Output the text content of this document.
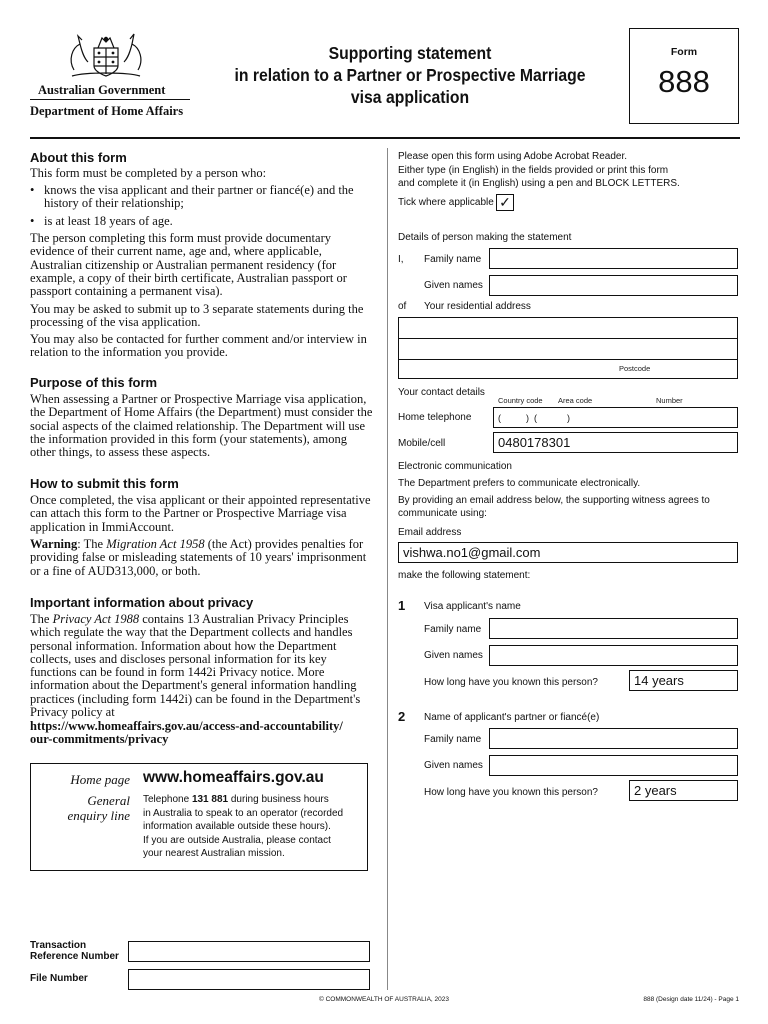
Australian Government
Department of Home Affairs
Supporting statement
in relation to a Partner or Prospective Marriage
visa application
Form
888
About this form
This form must be completed by a person who:
• knows the visa applicant and their partner or fiancé(e) and the history of their relationship;
• is at least 18 years of age.
The person completing this form must provide documentary evidence of their current name, age and, where applicable, Australian citizenship or Australian permanent residency (for example, a copy of their birth certificate, Australian passport or passport containing a permanent visa).
You may be asked to submit up to 3 separate statements during the processing of the visa application.
You may also be contacted for further comment and/or interview in relation to the information you provide.
Purpose of this form
When assessing a Partner or Prospective Marriage visa application, the Department of Home Affairs (the Department) must consider the social aspects of the claimed relationship. The Department will use the information provided in this form (your statements), among other things, to assess these aspects.
How to submit this form
Once completed, the visa applicant or their appointed representative can attach this form to the Partner or Prospective Marriage visa application in ImmiAccount.
Warning: The Migration Act 1958 (the Act) provides penalties for providing false or misleading statements of 10 years' imprisonment or a fine of AUD313,000, or both.
Important information about privacy
The Privacy Act 1988 contains 13 Australian Privacy Principles which regulate the way that the Department collects and handles personal information. Information about how the Department collects, uses and discloses personal information for its key functions can be found in form 1442i Privacy notice. More information about the Department's general information handling practices (including form 1442i) can be found in the Department's Privacy policy at
https://www.homeaffairs.gov.au/access-and-accountability/
our-commitments/privacy
Home page www.homeaffairs.gov.au
General
enquiry line
Telephone 131 881 during business hours
in Australia to speak to an operator (recorded
information available outside these hours).
If you are outside Australia, please contact
your nearest Australian mission.
Transaction
Reference Number
File Number
Please open this form using Adobe Acrobat Reader.
Either type (in English) in the fields provided or print this form
and complete it (in English) using a pen and BLOCK LETTERS.
Tick where applicable ✓
Details of person making the statement
I, Family name
Given names
of Your residential address
Postcode
Your contact details
Country code Area code	Number
Home telephone	(          )  (            )
Mobile/cell	0480178301
Electronic communication
The Department prefers to communicate electronically.
By providing an email address below, the supporting witness agrees to
communicate using:
Email address
vishwa.no1@gmail.com
make the following statement:
1 Visa applicant's name
Family name
Given names
How long have you known this person?	14 years
2 Name of applicant's partner or fiancé(e)
Family name
Given names
How long have you known this person?	2 years
© COMMONWEALTH OF AUSTRALIA, 2023	888 (Design date 11/24) - Page 1
